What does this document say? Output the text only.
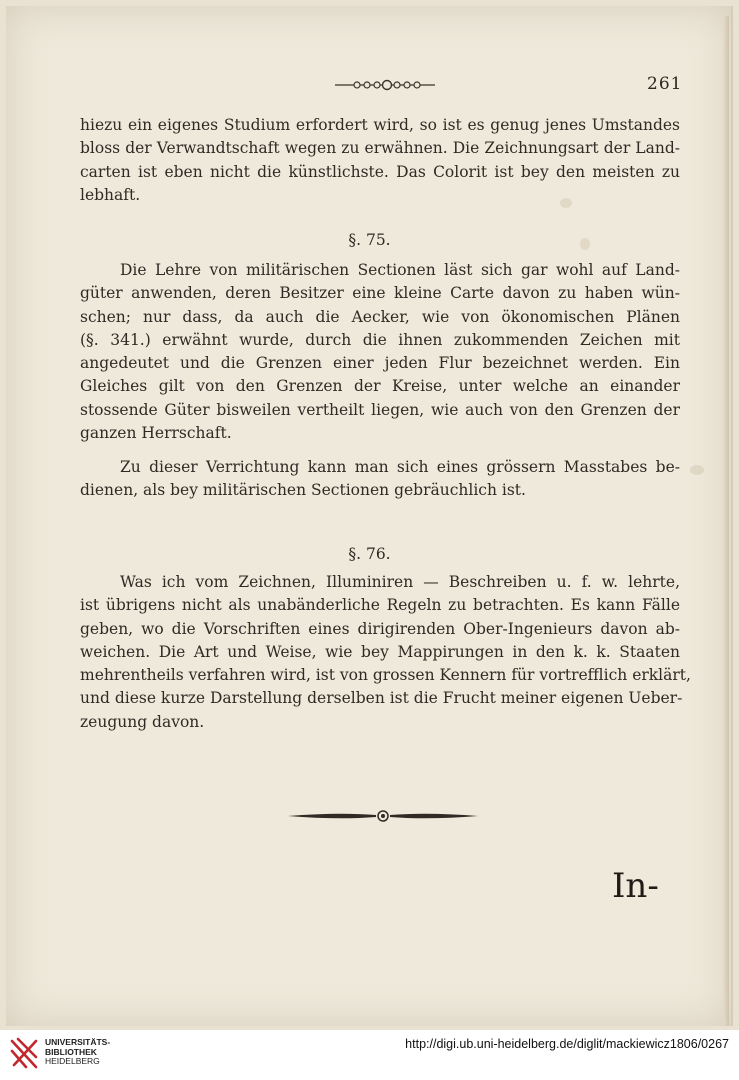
261
hiezu ein eigenes Studium erfordert wird, so ist es genug jenes Umstandes
bloss der Verwandtschaft wegen zu erwähnen. Die Zeichnungsart der Land-
carten ist eben nicht die künstlichste. Das Colorit ist bey den meisten zu
lebhaft.
§. 75.
Die Lehre von militärischen Sectionen läst sich gar wohl auf Land-
güter anwenden, deren Besitzer eine kleine Carte davon zu haben wün-
schen; nur dass, da auch die Aecker, wie von ökonomischen Plänen
(§. 341.) erwähnt wurde, durch die ihnen zukommenden Zeichen mit
angedeutet und die Grenzen einer jeden Flur bezeichnet werden. Ein
Gleiches gilt von den Grenzen der Kreise, unter welche an einander
stossende Güter bisweilen vertheilt liegen, wie auch von den Grenzen der
ganzen Herrschaft.
Zu dieser Verrichtung kann man sich eines grössern Masstabes be-
dienen, als bey militärischen Sectionen gebräuchlich ist.
§. 76.
Was ich vom Zeichnen, Illuminiren — Beschreiben u. f. w. lehrte,
ist übrigens nicht als unabänderliche Regeln zu betrachten. Es kann Fälle
geben, wo die Vorschriften eines dirigirenden Ober-Ingenieurs davon ab-
weichen. Die Art und Weise, wie bey Mappirungen in den k. k. Staaten
mehrentheils verfahren wird, ist von grossen Kennern für vortrefflich erklärt,
und diese kurze Darstellung derselben ist die Frucht meiner eigenen Ueber-
zeugung davon.
In-
UNIVERSITÄTS-
BIBLIOTHEK
HEIDELBERG
http://digi.ub.uni-heidelberg.de/diglit/mackiewicz1806/0267
